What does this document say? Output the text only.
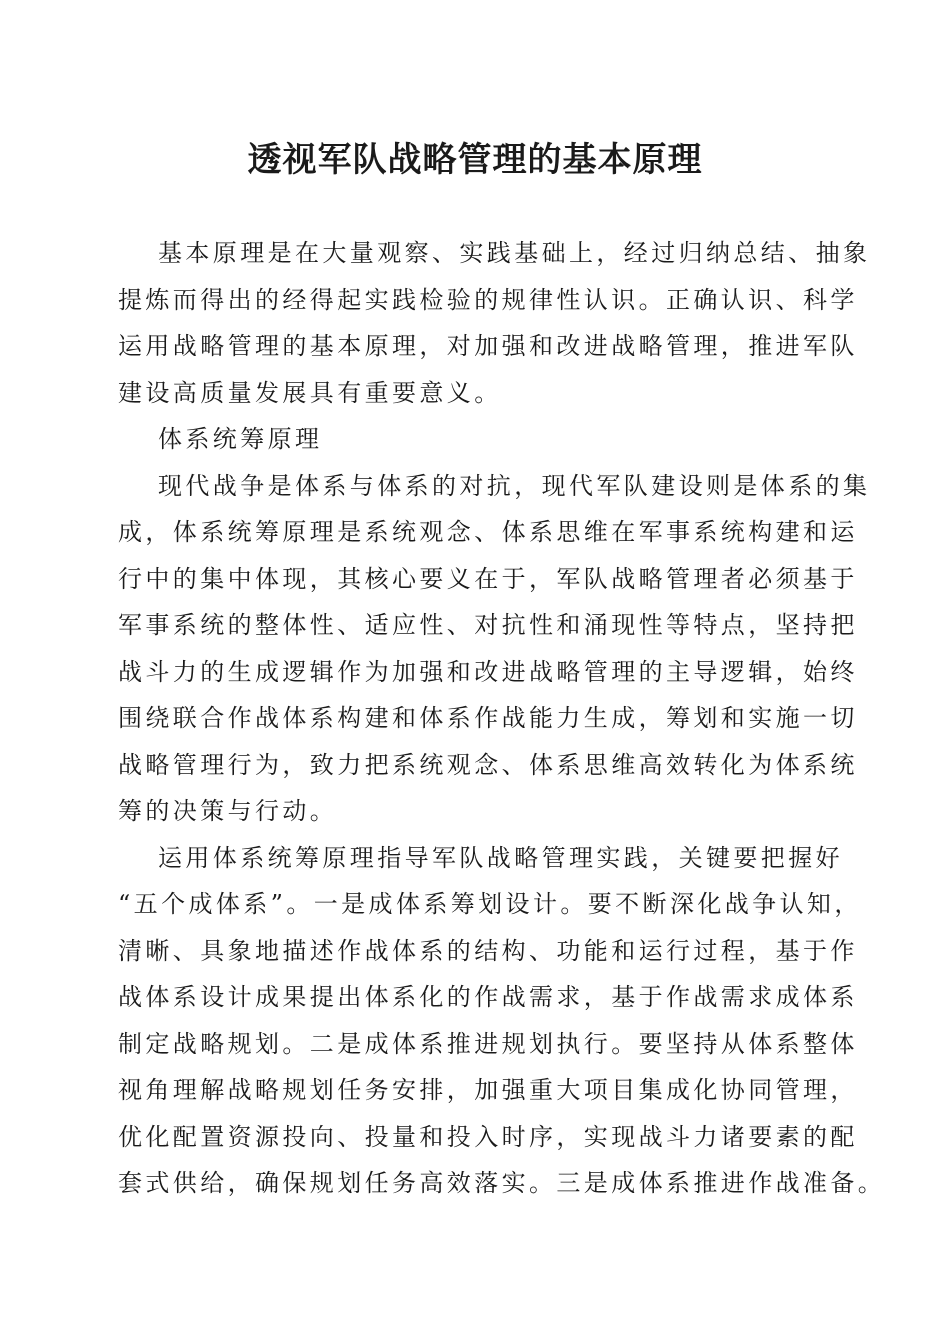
透视军队战略管理的基本原理
基本原理是在大量观察、实践基础上，经过归纳总结、抽象
提炼而得出的经得起实践检验的规律性认识。正确认识、科学
运用战略管理的基本原理，对加强和改进战略管理，推进军队
建设高质量发展具有重要意义。
体系统筹原理
现代战争是体系与体系的对抗，现代军队建设则是体系的集
成，体系统筹原理是系统观念、体系思维在军事系统构建和运
行中的集中体现，其核心要义在于，军队战略管理者必须基于
军事系统的整体性、适应性、对抗性和涌现性等特点，坚持把
战斗力的生成逻辑作为加强和改进战略管理的主导逻辑，始终
围绕联合作战体系构建和体系作战能力生成，筹划和实施一切
战略管理行为，致力把系统观念、体系思维高效转化为体系统
筹的决策与行动。
运用体系统筹原理指导军队战略管理实践，关键要把握好
“五个成体系”。一是成体系筹划设计。要不断深化战争认知，
清晰、具象地描述作战体系的结构、功能和运行过程，基于作
战体系设计成果提出体系化的作战需求，基于作战需求成体系
制定战略规划。二是成体系推进规划执行。要坚持从体系整体
视角理解战略规划任务安排，加强重大项目集成化协同管理，
优化配置资源投向、投量和投入时序，实现战斗力诸要素的配
套式供给，确保规划任务高效落实。三是成体系推进作战准备。
